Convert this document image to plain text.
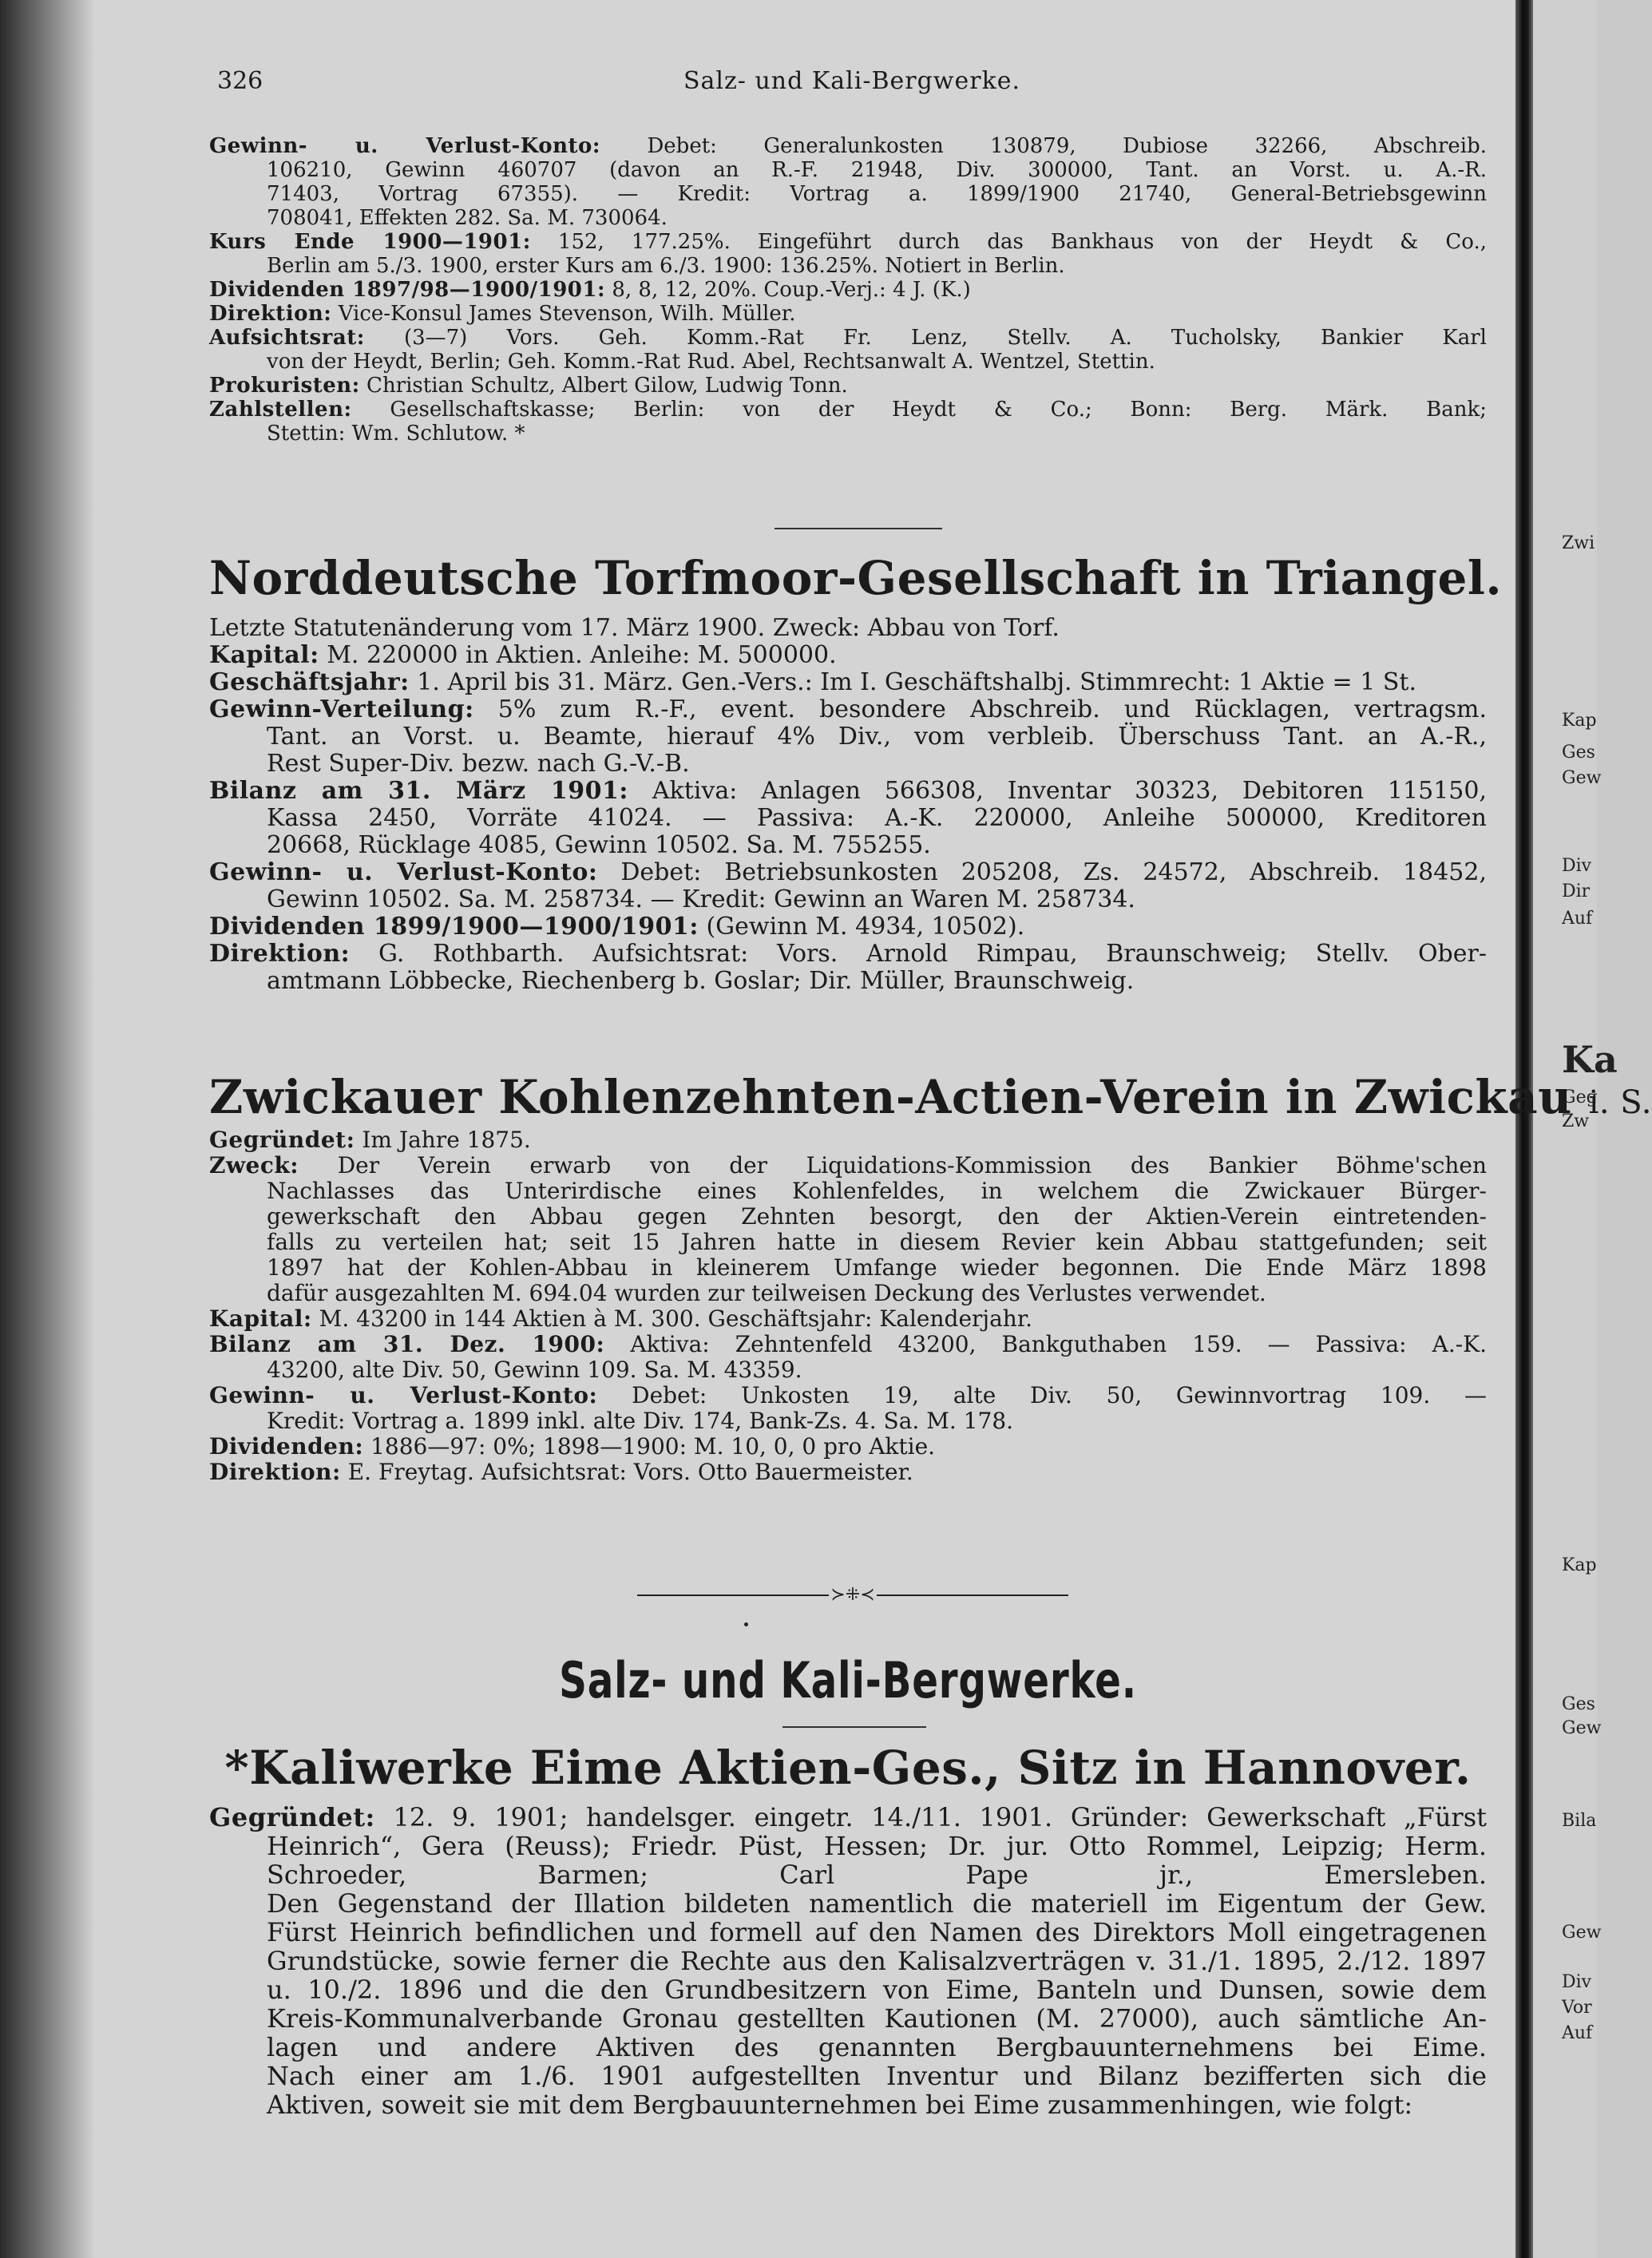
Zwi
Kap
Ges
Gew
Div
Dir
Auf
Ka
Geg
Zw
Kap
Ges
Gew
Bila
Gew
Div
Vor
Auf
326	Salz- und Kali-Bergwerke.

Gewinn- u. Verlust-Konto: Debet: Generalunkosten 130879, Dubiose 32266, Abschreib.

106210, Gewinn 460707 (davon an R.-F. 21948, Div. 300000, Tant. an Vorst. u. A.-R.

71403, Vortrag 67355). — Kredit: Vortrag a. 1899/1900 21740, General-Betriebsgewinn

708041, Effekten 282. Sa. M. 730064.

Kurs Ende 1900—1901: 152, 177.25%. Eingeführt durch das Bankhaus von der Heydt & Co.,

Berlin am 5./3. 1900, erster Kurs am 6./3. 1900: 136.25%. Notiert in Berlin.

Dividenden 1897/98—1900/1901: 8, 8, 12, 20%. Coup.-Verj.: 4 J. (K.)

Direktion: Vice-Konsul James Stevenson, Wilh. Müller.

Aufsichtsrat: (3—7) Vors. Geh. Komm.-Rat Fr. Lenz, Stellv. A. Tucholsky, Bankier Karl

von der Heydt, Berlin; Geh. Komm.-Rat Rud. Abel, Rechtsanwalt A. Wentzel, Stettin.

Prokuristen: Christian Schultz, Albert Gilow, Ludwig Tonn.

Zahlstellen: Gesellschaftskasse; Berlin: von der Heydt & Co.; Bonn: Berg. Märk. Bank;

Stettin: Wm. Schlutow. *

Norddeutsche Torfmoor-Gesellschaft in Triangel.

Letzte Statutenänderung vom 17. März 1900. Zweck: Abbau von Torf.

Kapital: M. 220000 in Aktien. Anleihe: M. 500000.

Geschäftsjahr: 1. April bis 31. März. Gen.-Vers.: Im I. Geschäftshalbj. Stimmrecht: 1 Aktie = 1 St.

Gewinn-Verteilung: 5% zum R.-F., event. besondere Abschreib. und Rücklagen, vertragsm.

Tant. an Vorst. u. Beamte, hierauf 4% Div., vom verbleib. Überschuss Tant. an A.-R.,

Rest Super-Div. bezw. nach G.-V.-B.

Bilanz am 31. März 1901: Aktiva: Anlagen 566308, Inventar 30323, Debitoren 115150,

Kassa 2450, Vorräte 41024. — Passiva: A.-K. 220000, Anleihe 500000, Kreditoren

20668, Rücklage 4085, Gewinn 10502. Sa. M. 755255.

Gewinn- u. Verlust-Konto: Debet: Betriebsunkosten 205208, Zs. 24572, Abschreib. 18452,

Gewinn 10502. Sa. M. 258734. — Kredit: Gewinn an Waren M. 258734.

Dividenden 1899/1900—1900/1901: (Gewinn M. 4934, 10502).

Direktion: G. Rothbarth. Aufsichtsrat: Vors. Arnold Rimpau, Braunschweig; Stellv. Ober-

amtmann Löbbecke, Riechenberg b. Goslar; Dir. Müller, Braunschweig.

Zwickauer Kohlenzehnten-Actien-Verein in Zwickau i. S.

Gegründet: Im Jahre 1875.

Zweck: Der Verein erwarb von der Liquidations-Kommission des Bankier Böhme'schen

Nachlasses das Unterirdische eines Kohlenfeldes, in welchem die Zwickauer Bürger-

gewerkschaft den Abbau gegen Zehnten besorgt, den der Aktien-Verein eintretenden-

falls zu verteilen hat; seit 15 Jahren hatte in diesem Revier kein Abbau stattgefunden; seit

1897 hat der Kohlen-Abbau in kleinerem Umfange wieder begonnen. Die Ende März 1898

dafür ausgezahlten M. 694.04 wurden zur teilweisen Deckung des Verlustes verwendet.

Kapital: M. 43200 in 144 Aktien à M. 300. Geschäftsjahr: Kalenderjahr.

Bilanz am 31. Dez. 1900: Aktiva: Zehntenfeld 43200, Bankguthaben 159. — Passiva: A.-K.

43200, alte Div. 50, Gewinn 109. Sa. M. 43359.

Gewinn- u. Verlust-Konto: Debet: Unkosten 19, alte Div. 50, Gewinnvortrag 109. —

Kredit: Vortrag a. 1899 inkl. alte Div. 174, Bank-Zs. 4. Sa. M. 178.

Dividenden: 1886—97: 0%; 1898—1900: M. 10, 0, 0 pro Aktie.

Direktion: E. Freytag. Aufsichtsrat: Vors. Otto Bauermeister.

≻⁜≺
Salz- und Kali-Bergwerke.
*Kaliwerke Eime Aktien-Ges., Sitz in Hannover.

Gegründet: 12. 9. 1901; handelsger. eingetr. 14./11. 1901. Gründer: Gewerkschaft „Fürst

Heinrich“, Gera (Reuss); Friedr. Püst, Hessen; Dr. jur. Otto Rommel, Leipzig; Herm.

Schroeder, Barmen; Carl Pape jr., Emersleben.

Den Gegenstand der Illation bildeten namentlich die materiell im Eigentum der Gew.

Fürst Heinrich befindlichen und formell auf den Namen des Direktors Moll eingetragenen

Grundstücke, sowie ferner die Rechte aus den Kalisalzverträgen v. 31./1. 1895, 2./12. 1897

u. 10./2. 1896 und die den Grundbesitzern von Eime, Banteln und Dunsen, sowie dem

Kreis-Kommunalverbande Gronau gestellten Kautionen (M. 27000), auch sämtliche An-

lagen und andere Aktiven des genannten Bergbauunternehmens bei Eime.

Nach einer am 1./6. 1901 aufgestellten Inventur und Bilanz bezifferten sich die

Aktiven, soweit sie mit dem Bergbauunternehmen bei Eime zusammenhingen, wie folgt:
